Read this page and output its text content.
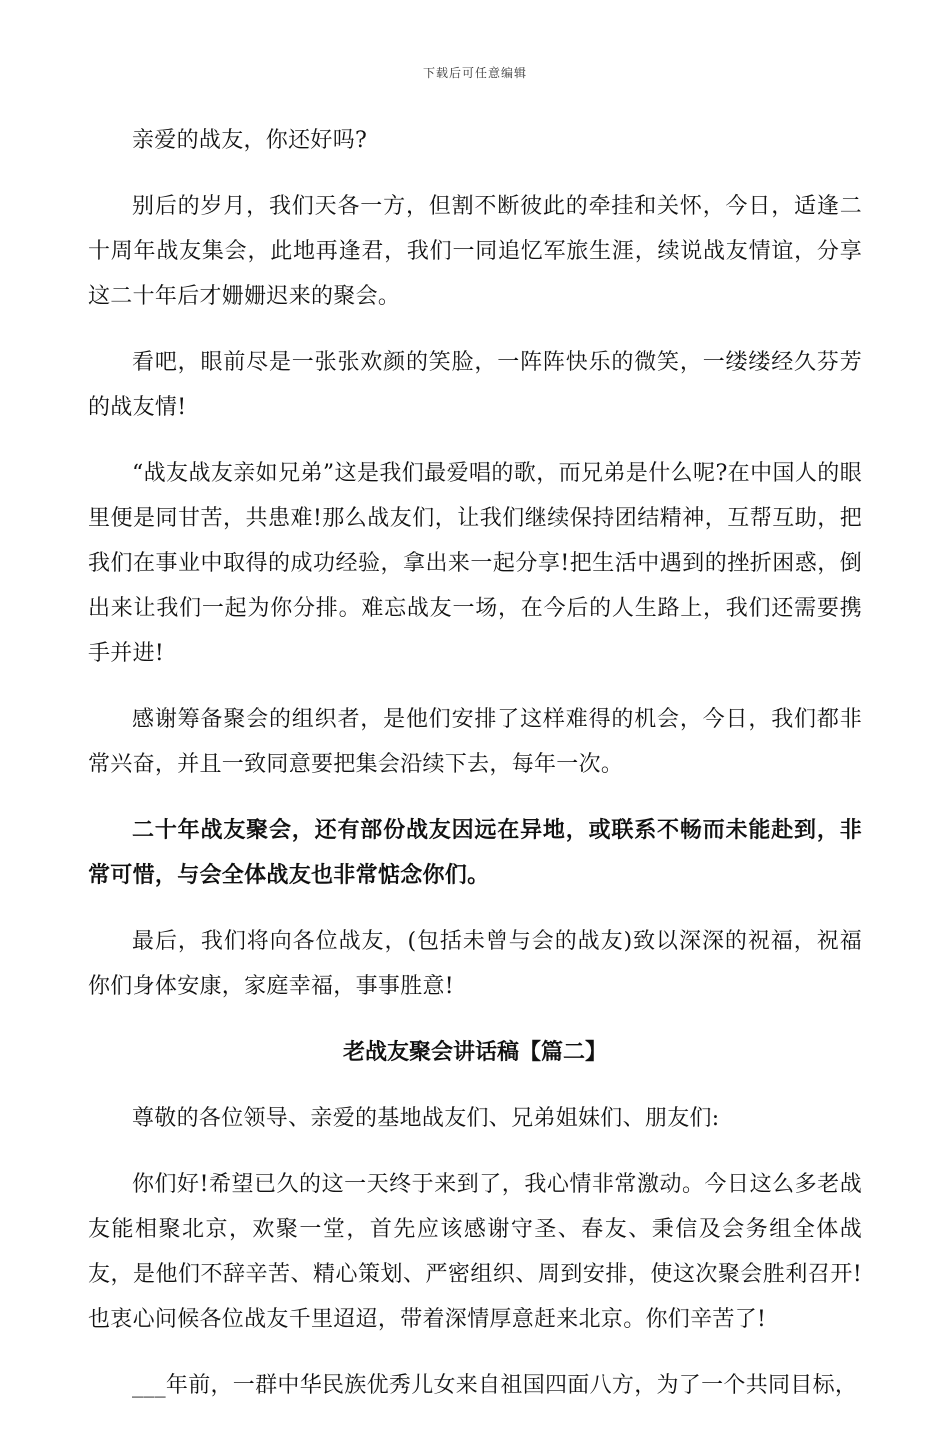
下载后可任意编辑

亲爱的战友，你还好吗?

别后的岁月，我们天各一方，但割不断彼此的牵挂和关怀，今日，适逢二十周年战友集会，此地再逢君，我们一同追忆军旅生涯，续说战友情谊，分享这二十年后才姗姗迟来的聚会。

看吧，眼前尽是一张张欢颜的笑脸，一阵阵快乐的微笑，一缕缕经久芬芳的战友情!

“战友战友亲如兄弟”这是我们最爱唱的歌，而兄弟是什么呢?在中国人的眼里便是同甘苦，共患难!那么战友们，让我们继续保持团结精神，互帮互助，把我们在事业中取得的成功经验，拿出来一起分享!把生活中遇到的挫折困惑，倒出来让我们一起为你分排。难忘战友一场，在今后的人生路上，我们还需要携手并进!

感谢筹备聚会的组织者，是他们安排了这样难得的机会，今日，我们都非常兴奋，并且一致同意要把集会沿续下去，每年一次。

二十年战友聚会，还有部份战友因远在异地，或联系不畅而未能赴到，非常可惜，与会全体战友也非常惦念你们。

最后，我们将向各位战友，(包括未曾与会的战友)致以深深的祝福，祝福你们身体安康，家庭幸福，事事胜意!

老战友聚会讲话稿【篇二】

尊敬的各位领导、亲爱的基地战友们、兄弟姐妹们、朋友们:

你们好!希望已久的这一天终于来到了，我心情非常激动。今日这么多老战友能相聚北京，欢聚一堂，首先应该感谢守圣、春友、秉信及会务组全体战友，是他们不辞辛苦、精心策划、严密组织、周到安排，使这次聚会胜利召开!也衷心问候各位战友千里迢迢，带着深情厚意赶来北京。你们辛苦了!

___年前，一群中华民族优秀儿女来自祖国四面八方，为了一个共同目标，
